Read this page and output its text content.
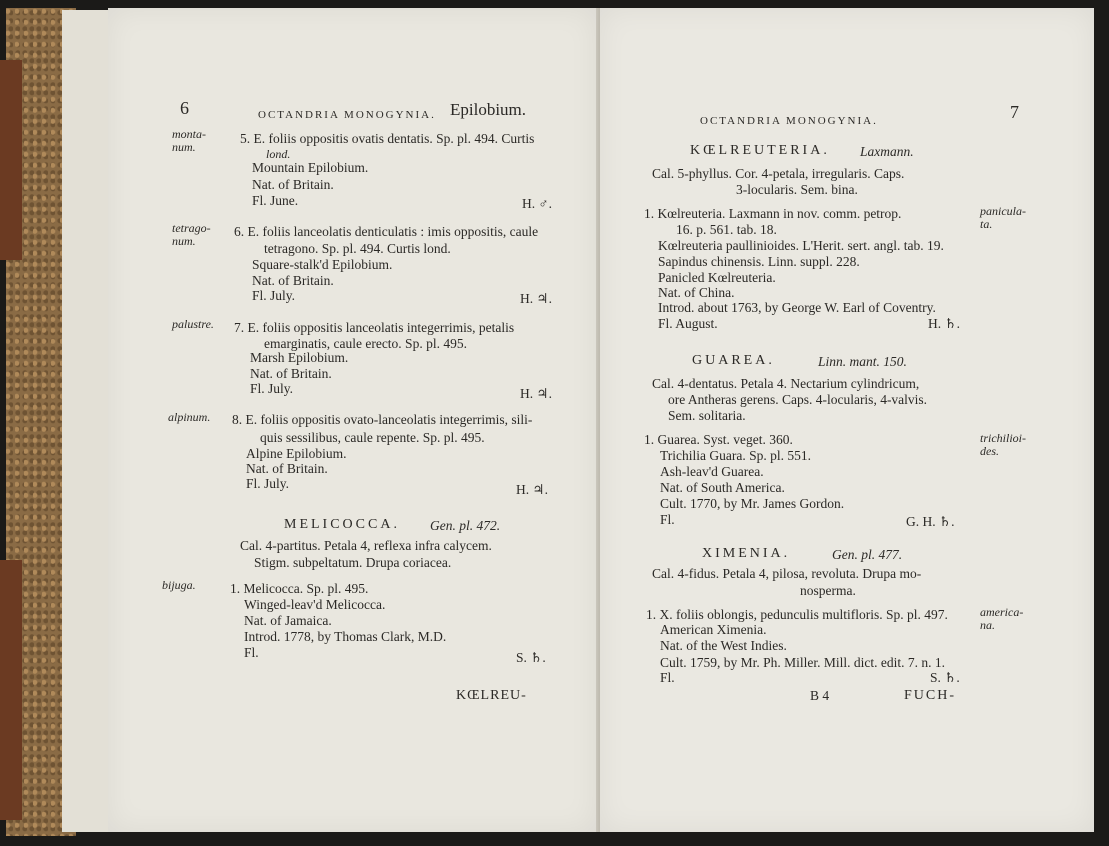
6	OCTANDRIA MONOGYNIA. Epilobium.
monta-
num.
5. E. foliis oppositis ovatis dentatis. Sp. pl. 494. Curtis
lond.
Mountain Epilobium.
Nat. of Britain.
Fl. June.	H. ♂.
tetrago-
num.
6. E. foliis lanceolatis denticulatis : imis oppositis, caule
tetragono. Sp. pl. 494. Curtis lond.
Square-stalk'd Epilobium.
Nat. of Britain.
Fl. July.	H. ♃.
palustre. 7. E. foliis oppositis lanceolatis integerrimis, petalis
emarginatis, caule erecto. Sp. pl. 495.
Marsh Epilobium.
Nat. of Britain.
Fl. July.	H. ♃.
alpinum. 8. E. foliis oppositis ovato-lanceolatis integerrimis, sili-
quis sessilibus, caule repente. Sp. pl. 495.
Alpine Epilobium.
Nat. of Britain.
Fl. July.	H. ♃.
MELICOCCA. Gen. pl. 472.
Cal. 4-partitus. Petala 4, reflexa infra calycem.
Stigm. subpeltatum. Drupa coriacea.
bijuga.	1. Melicocca. Sp. pl. 495.
Winged-leav'd Melicocca.
Nat. of Jamaica.
Introd. 1778, by Thomas Clark, M.D.
Fl.	S. ♄.
KŒLREU-
OCTANDRIA MONOGYNIA.	7
KŒLREUTERIA. Laxmann.
Cal. 5-phyllus. Cor. 4-petala, irregularis. Caps.
3-locularis. Sem. bina.
panicula-
ta.
1. Kœlreuteria. Laxmann in nov. comm. petrop.
16. p. 561. tab. 18.
Kœlreuteria paullinioides. L'Herit. sert. angl. tab. 19.
Sapindus chinensis. Linn. suppl. 228.
Panicled Kœlreuteria.
Nat. of China.
Introd. about 1763, by George W. Earl of Coventry.
Fl. August.	H. ♄.
GUAREA.	Linn. mant. 150.
Cal. 4-dentatus. Petala 4. Nectarium cylindricum,
ore Antheras gerens. Caps. 4-locularis, 4-valvis.
Sem. solitaria.
trichilioi-
des.
1. Guarea. Syst. veget. 360.
Trichilia Guara. Sp. pl. 551.
Ash-leav'd Guarea.
Nat. of South America.
Cult. 1770, by Mr. James Gordon.
Fl.	G. H. ♄.
XIMENIA.	Gen. pl. 477.
Cal. 4-fidus. Petala 4, pilosa, revoluta. Drupa mo-
nosperma.
america-
na.
1. X. foliis oblongis, pedunculis multifloris. Sp. pl. 497.
American Ximenia.
Nat. of the West Indies.
Cult. 1759, by Mr. Ph. Miller. Mill. dict. edit. 7. n. 1.
Fl.	S. ♄.
B 4	FUCH-
